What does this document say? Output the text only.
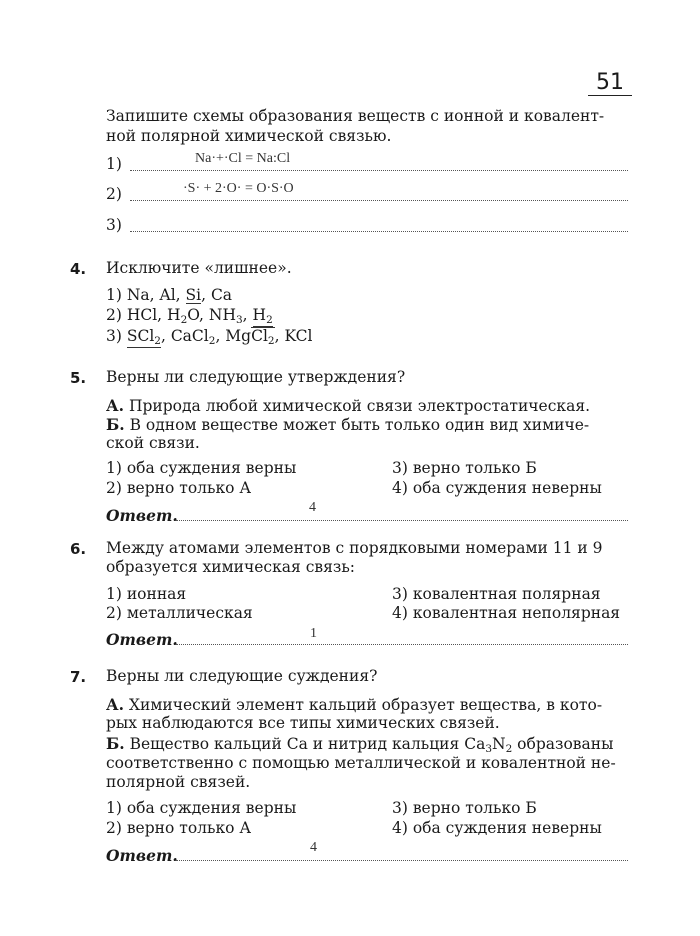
51
Запишите схемы образования веществ с ионной и ковалент-
ной полярной химической связью.
1)	Na·+·Cl = Na:Cl
2)	·S· + 2·O· = O·S·O
3)
4. Исключите «лишнее».
1) Na, Al, Si, Ca
2) HCl, $H_2O$, $NH_3$, $H_2$
3) SCl$_2$, CaCl$_2$, MgCl$_2$, KCl
5. Верны ли следующие утверждения?
А. Природа любой химической связи электростатическая.
Б. В одном веществе может быть только один вид химиче-
ской связи.
1) оба суждения верны
2) верно только А
3) верно только Б
4) оба суждения неверны
Ответ.	4
6. Между атомами элементов с порядковыми номерами 11 и 9
образуется химическая связь:
1) ионная
2) металлическая
3) ковалентная полярная
4) ковалентная неполярная
Ответ.	1
7. Верны ли следующие суждения?
А. Химический элемент кальций образует вещества, в кото-
рых наблюдаются все типы химических связей.
Б. Вещество кальций Ca и нитрид кальция $Ca_3N_2$ образованы
соответственно с помощью металлической и ковалентной не-
полярной связей.
1) оба суждения верны
2) верно только А
3) верно только Б
4) оба суждения неверны
Ответ.	4
